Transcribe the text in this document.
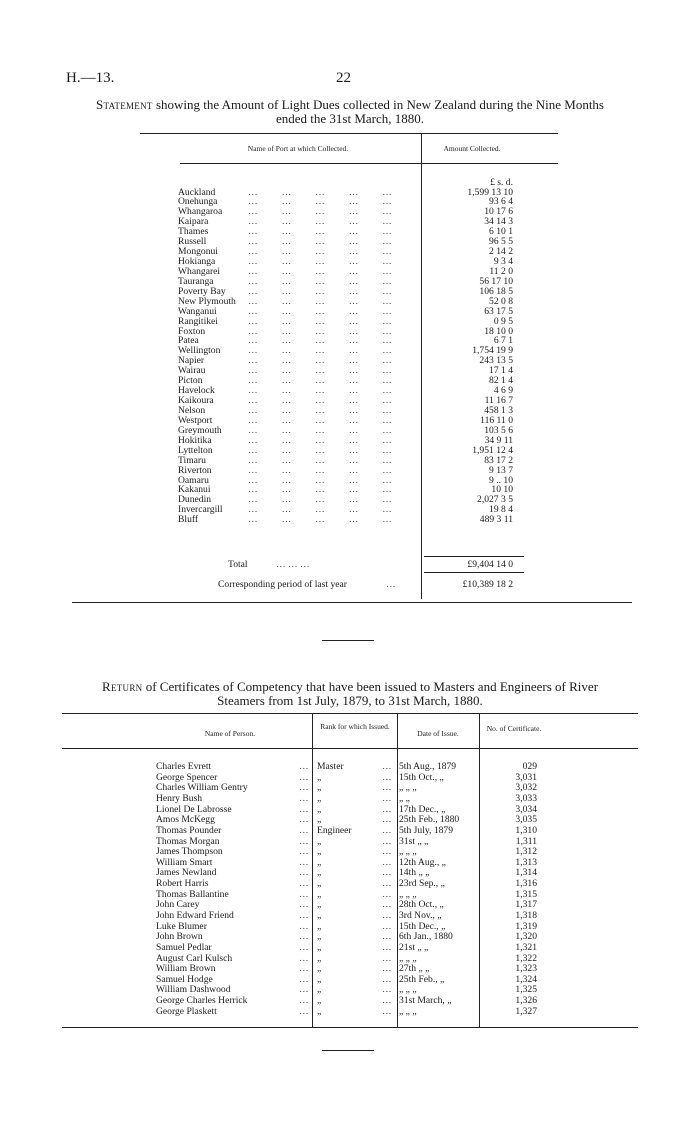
H.—13.	22
Statement showing the Amount of Light Dues collected in New Zealand during the Nine Months
ended the 31st March, 1880.
Name of Port at which Collected.	Amount Collected.
£ s. d.
Auckland …          …          …          …          …	1,599 13 10
Onehunga …          …          …          …          …	93 6 4
Whangaroa …          …          …          …          …	10 17 6
Kaipara	…          …          …          …          …	34 14 3
Thames	…          …          …          …          …	6 10 1
Russell	…          …          …          …          …	96 5 5
Mongonui …          …          …          …          …	2 14 2
Hokianga …          …          …          …          …	9 3 4
Whangarei …          …          …          …          …	11 2 0
Tauranga …          …          …          …          …	56 17 10
Poverty Bay …          …          …          …          …	106 18 5
New Plymouth …          …          …          …          …	52 0 8
Wanganui …          …          …          …          …	63 17 5
Rangitikei …          …          …          …          …	0 9 5
Foxton	…          …          …          …          …	18 10 0
Patea	…          …          …          …          …	6 7 1
Wellington …          …          …          …          …	1,754 19 9
Napier	…          …          …          …          …	243 13 5
Wairau	…          …          …          …          …	17 1 4
Picton	…          …          …          …          …	82 1 4
Havelock …          …          …          …          …	4 6 9
Kaikoura …          …          …          …          …	11 16 7
Nelson	…          …          …          …          …	458 1 3
Westport …          …          …          …          …	116 11 0
Greymouth …          …          …          …          …	103 5 6
Hokitika	…          …          …          …          …	34 9 11
Lyttelton …          …          …          …          …	1,951 12 4
Timaru	…          …          …          …          …	83 17 2
Riverton	…          …          …          …          …	9 13 7
Oamaru	…          …          …          …          …	9 .. 10
Kakanui	…          …          …          …          …	10 10
Dunedin	…          …          …          …          …	2,027 3 5
Invercargill …          …          …          …          …	19 8 4
Bluff	…          …          …          …          …	489 3 11
Total	… … …	£9,404 14 0
Corresponding period of last year	…	£10,389 18 2
Return of Certificates of Competency that have been issued to Masters and Engineers of River
Steamers from 1st July, 1879, to 31st March, 1880.
Name of Person.
Rank for which Issued.
Date of Issue.
No. of Certificate.
Charles Evrett	… Master	… 5th Aug., 1879	029
George Spencer	… „	… 15th Oct., „	3,031
Charles William Gentry	… „	… „ „ „	3,032
Henry Bush	… „	… „ „	3,033
Lionel De Labrosse	… „	… 17th Dec., „	3,034
Amos McKegg	… „	… 25th Feb., 1880	3,035
Thomas Pounder	… Engineer	… 5th July, 1879	1,310
Thomas Morgan	… „	… 31st „ „	1,311
James Thompson	… „	… „ „ „	1,312
William Smart	… „	… 12th Aug., „	1,313
James Newland	… „	… 14th „ „	1,314
Robert Harris	… „	… 23rd Sep., „	1,316
Thomas Ballantine	… „	… „ „ „	1,315
John Carey	… „	… 28th Oct., „	1,317
John Edward Friend	… „	… 3rd Nov., „	1,318
Luke Blumer	… „	… 15th Dec., „	1,319
John Brown	… „	… 6th Jan., 1880	1,320
Samuel Pedlar	… „	… 21st „ „	1,321
August Carl Kulsch	… „	… „ „ „	1,322
William Brown	… „	… 27th „ „	1,323
Samuel Hodge	… „	… 25th Feb., „	1,324
William Dashwood	… „	… „ „ „	1,325
George Charles Herrick	… „	… 31st March, „	1,326
George Plaskett	… „	… „ „ „	1,327
